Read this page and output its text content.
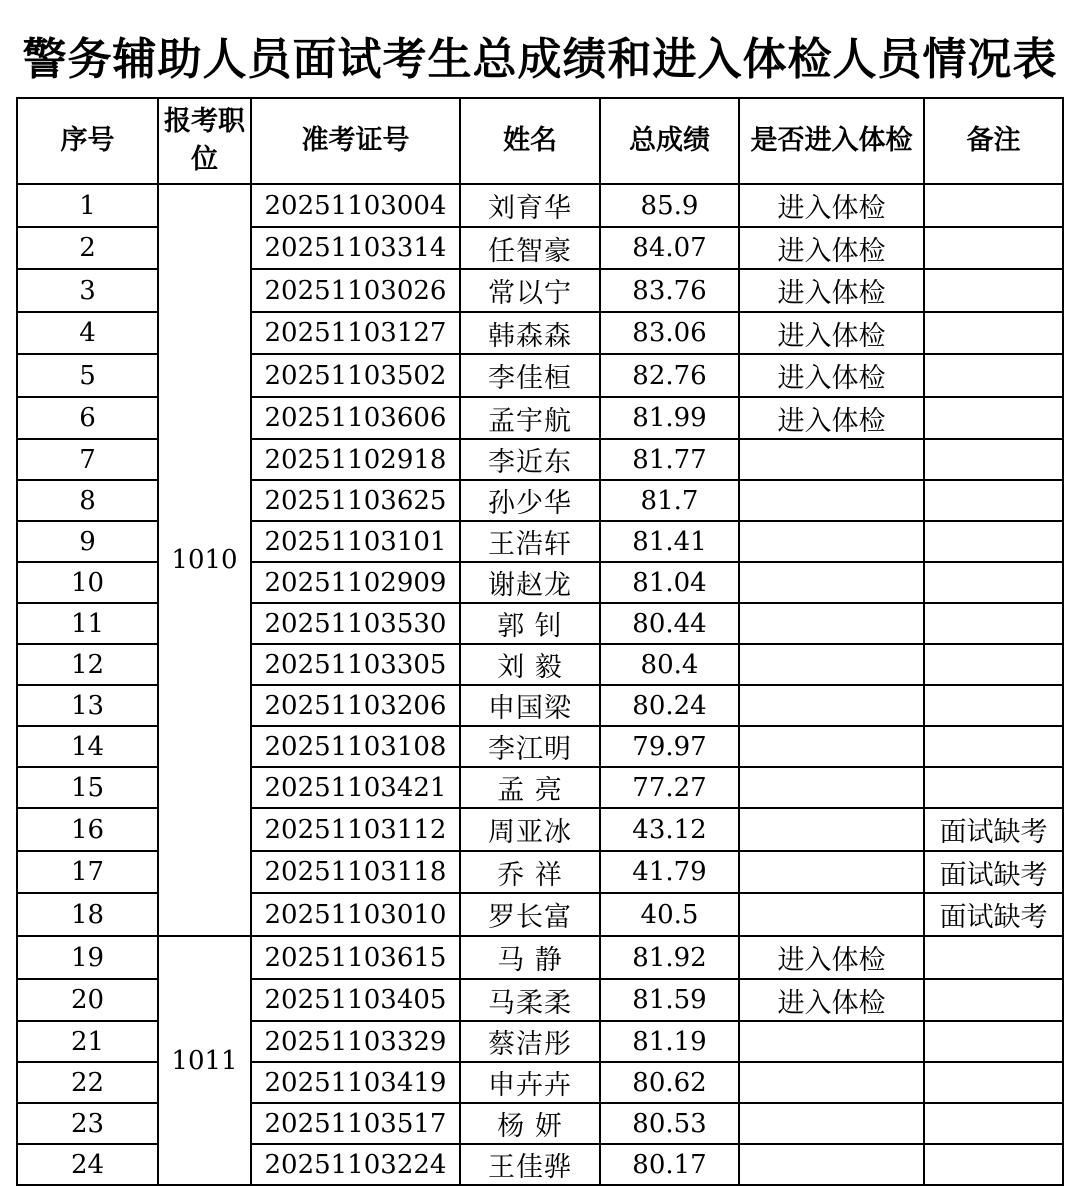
警务辅助人员面试考生总成绩和进入体检人员情况表
序号	报考职位	准考证号	姓名	总成绩	是否进入体检	备注
1	1010	20251103004	刘育华	85.9	进入体检	
2		20251103314	任智豪	84.07	进入体检	
3		20251103026	常以宁	83.76	进入体检	
4		20251103127	韩森森	83.06	进入体检	
5		20251103502	李佳桓	82.76	进入体检	
6		20251103606	孟宇航	81.99	进入体检	
7		20251102918	李近东	81.77		
8		20251103625	孙少华	81.7		
9		20251103101	王浩轩	81.41		
10		20251102909	谢赵龙	81.04		
11		20251103530	郭 钊	80.44		
12		20251103305	刘 毅	80.4		
13		20251103206	申国梁	80.24		
14		20251103108	李江明	79.97		
15		20251103421	孟 亮	77.27		
16		20251103112	周亚冰	43.12		面试缺考
17		20251103118	乔 祥	41.79		面试缺考
18		20251103010	罗长富	40.5		面试缺考
19	1011	20251103615	马 静	81.92	进入体检	
20		20251103405	马柔柔	81.59	进入体检	
21		20251103329	蔡洁彤	81.19		
22		20251103419	申卉卉	80.62		
23		20251103517	杨 妍	80.53		
24		20251103224	王佳骅	80.17		
